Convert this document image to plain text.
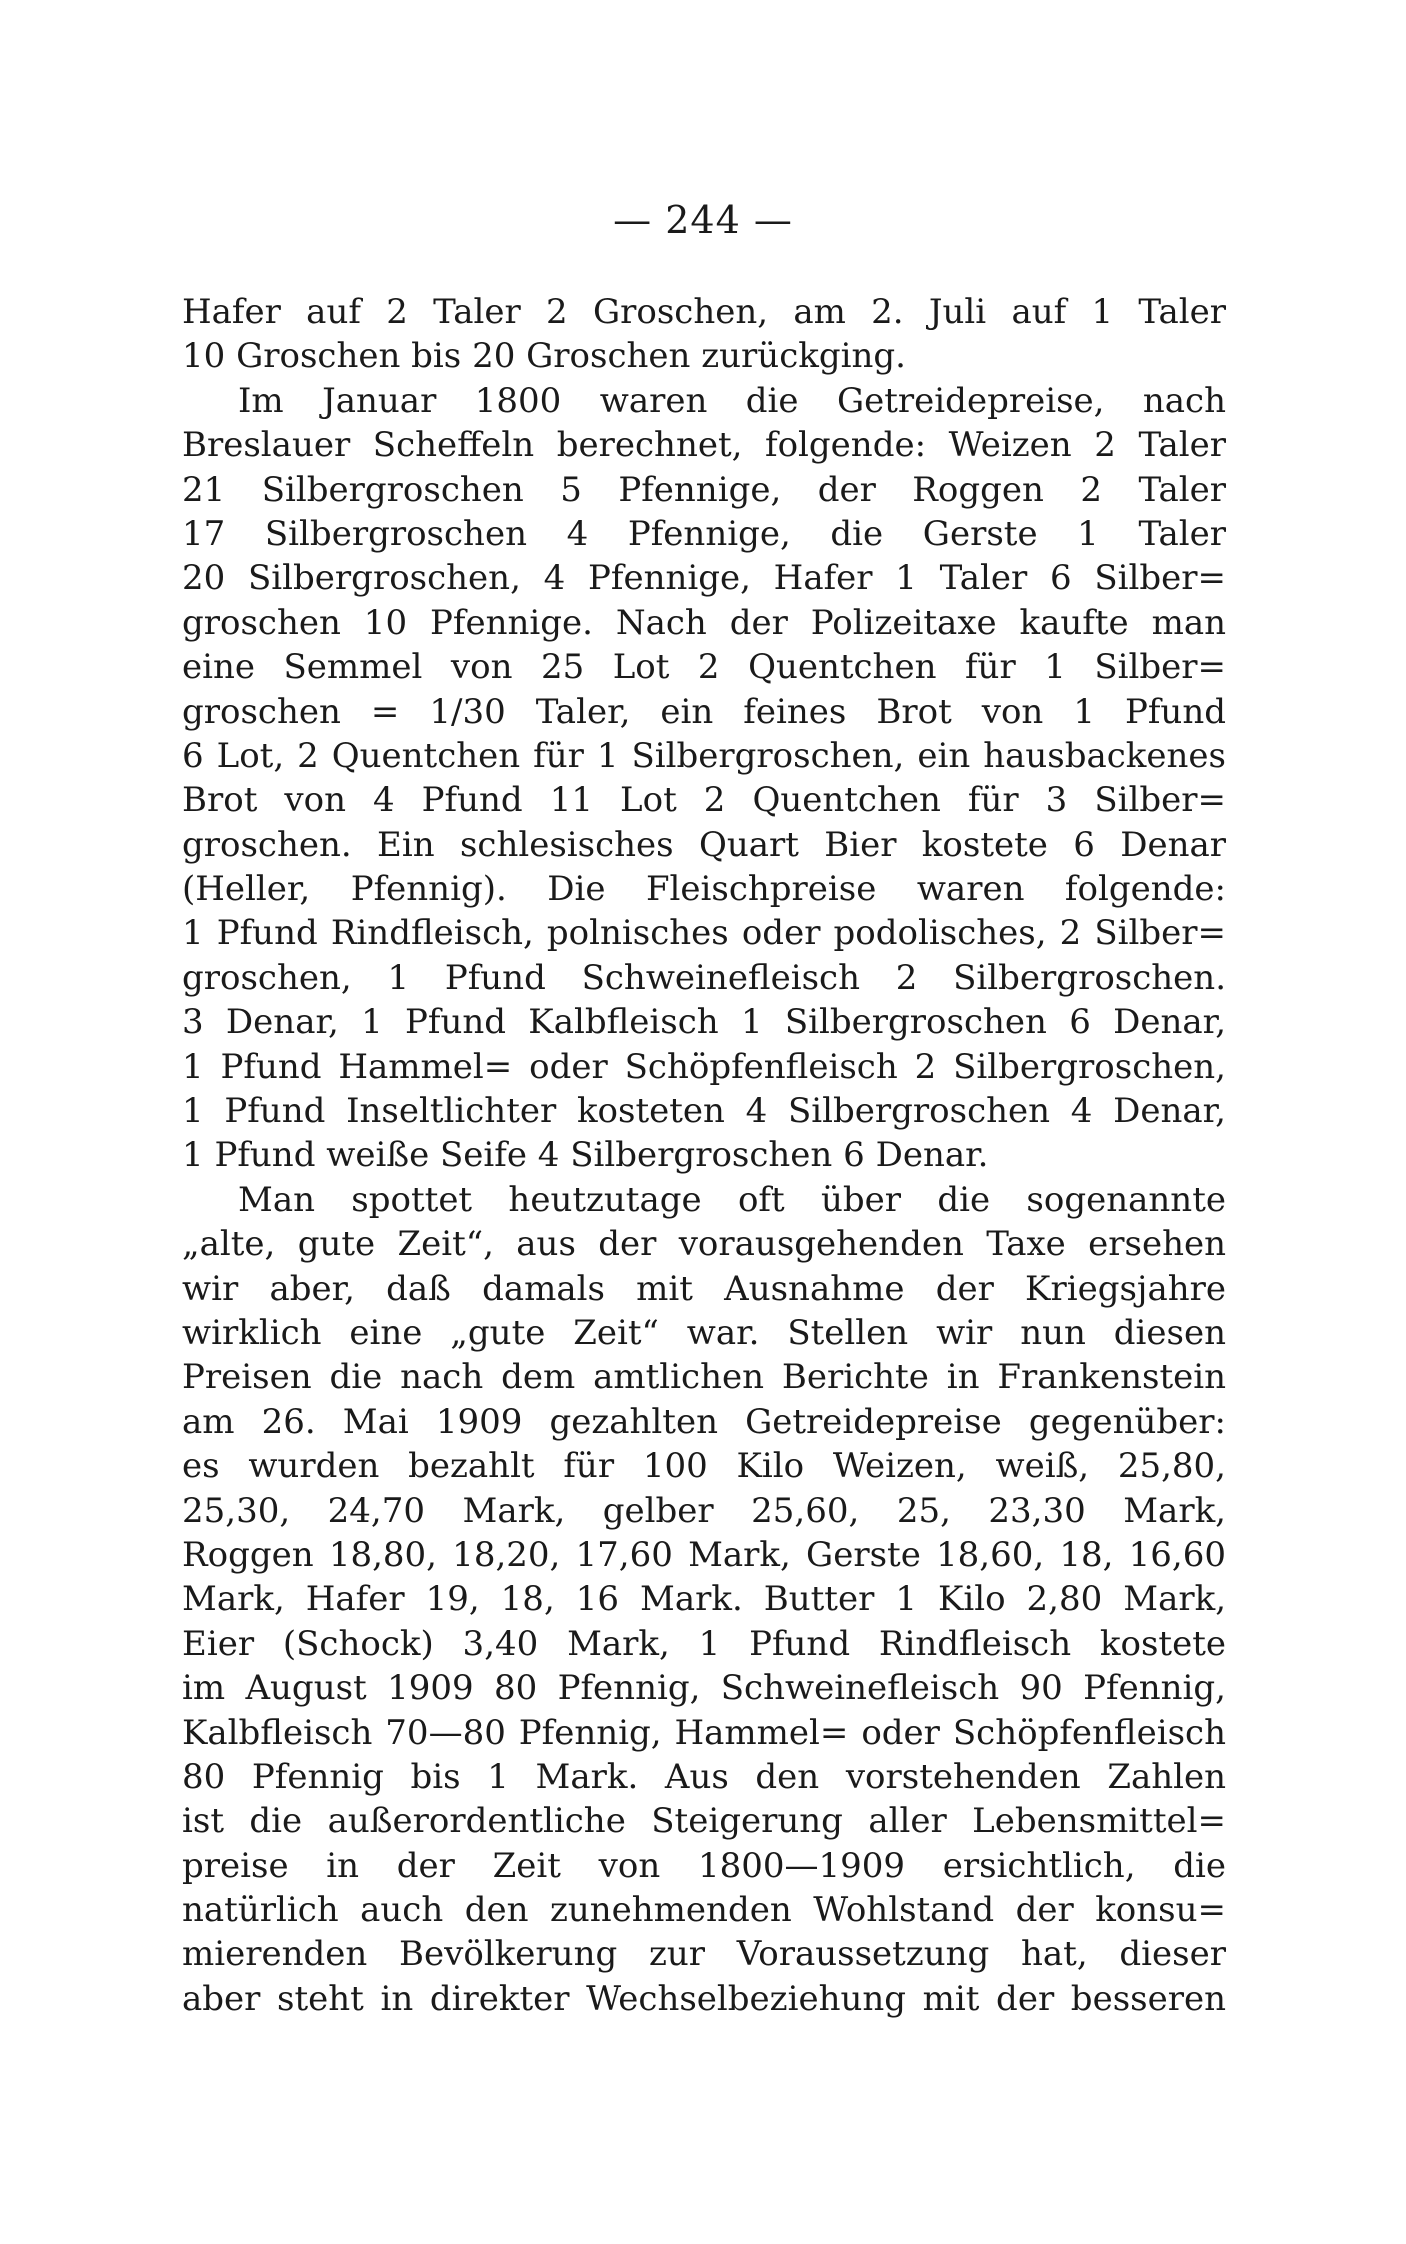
— 244 —
Hafer auf 2 Taler 2 Groschen, am 2. Juli auf 1 Taler
10 Groschen bis 20 Groschen zurückging.
Im Januar 1800 waren die Getreidepreise, nach
Breslauer Scheffeln berechnet, folgende: Weizen 2 Taler
21 Silbergroschen 5 Pfennige, der Roggen 2 Taler
17 Silbergroschen 4 Pfennige, die Gerste 1 Taler
20 Silbergroschen, 4 Pfennige, Hafer 1 Taler 6 Silber=
groschen 10 Pfennige. Nach der Polizeitaxe kaufte man
eine Semmel von 25 Lot 2 Quentchen für 1 Silber=
groschen = 1/30 Taler, ein feines Brot von 1 Pfund
6 Lot, 2 Quentchen für 1 Silbergroschen, ein hausbackenes
Brot von 4 Pfund 11 Lot 2 Quentchen für 3 Silber=
groschen. Ein schlesisches Quart Bier kostete 6 Denar
(Heller, Pfennig). Die Fleischpreise waren folgende:
1 Pfund Rindfleisch, polnisches oder podolisches, 2 Silber=
groschen, 1 Pfund Schweinefleisch 2 Silbergroschen.
3 Denar, 1 Pfund Kalbfleisch 1 Silbergroschen 6 Denar,
1 Pfund Hammel= oder Schöpfenfleisch 2 Silbergroschen,
1 Pfund Inseltlichter kosteten 4 Silbergroschen 4 Denar,
1 Pfund weiße Seife 4 Silbergroschen 6 Denar.
Man spottet heutzutage oft über die sogenannte
„alte, gute Zeit“, aus der vorausgehenden Taxe ersehen
wir aber, daß damals mit Ausnahme der Kriegsjahre
wirklich eine „gute Zeit“ war. Stellen wir nun diesen
Preisen die nach dem amtlichen Berichte in Frankenstein
am 26. Mai 1909 gezahlten Getreidepreise gegenüber:
es wurden bezahlt für 100 Kilo Weizen, weiß, 25,80,
25,30, 24,70 Mark, gelber 25,60, 25, 23,30 Mark,
Roggen 18,80, 18,20, 17,60 Mark, Gerste 18,60, 18, 16,60
Mark, Hafer 19, 18, 16 Mark. Butter 1 Kilo 2,80 Mark,
Eier (Schock) 3,40 Mark, 1 Pfund Rindfleisch kostete
im August 1909 80 Pfennig, Schweinefleisch 90 Pfennig,
Kalbfleisch 70—80 Pfennig, Hammel= oder Schöpfenfleisch
80 Pfennig bis 1 Mark. Aus den vorstehenden Zahlen
ist die außerordentliche Steigerung aller Lebensmittel=
preise in der Zeit von 1800—1909 ersichtlich, die
natürlich auch den zunehmenden Wohlstand der konsu=
mierenden Bevölkerung zur Voraussetzung hat, dieser
aber steht in direkter Wechselbeziehung mit der besseren
